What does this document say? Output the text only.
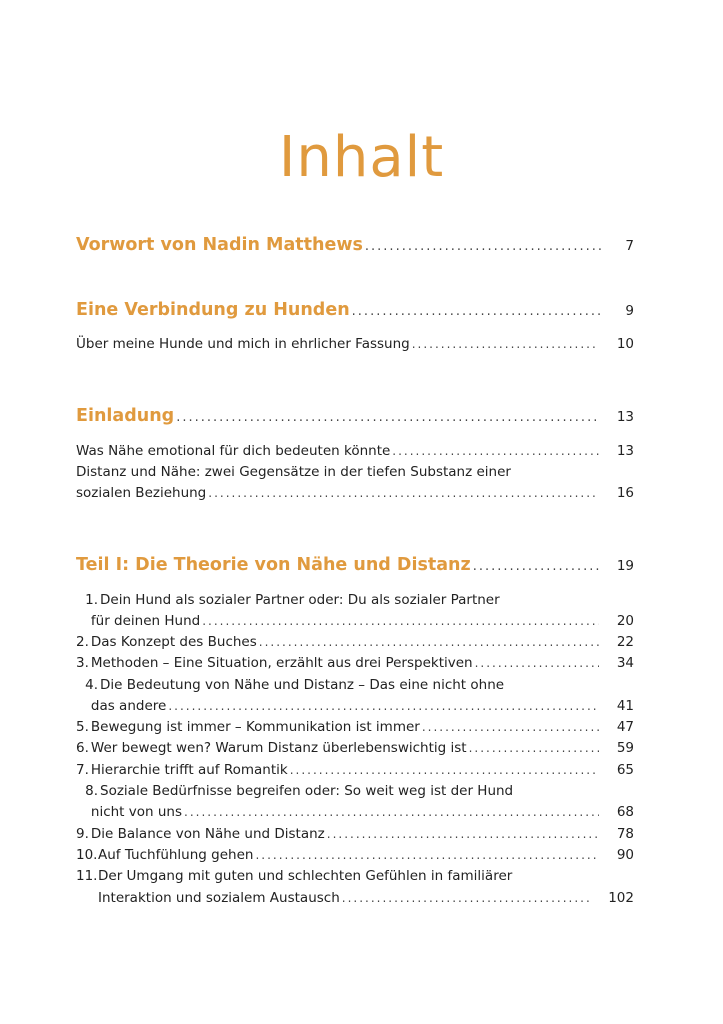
Inhalt
Vorwort von Nadin Matthews .....	7
Eine Verbindung zu Hunden .....	9
Über meine Hunde und mich in ehrlicher Fassung .....	10
Einladung .....	13
Was Nähe emotional für dich bedeuten könnte .....	13
Distanz und Nähe: zwei Gegensätze in der tiefen Substanz einer
sozialen Beziehung .....	16
Teil I: Die Theorie von Nähe und Distanz .....	19
1. Dein Hund als sozialer Partner oder: Du als sozialer Partner
für deinen Hund .....	20
2. Das Konzept des Buches .....	22
3. Methoden – Eine Situation, erzählt aus drei Perspektiven .....	34
4. Die Bedeutung von Nähe und Distanz – Das eine nicht ohne
das andere .....	41
5. Bewegung ist immer – Kommunikation ist immer .....	47
6. Wer bewegt wen? Warum Distanz überlebenswichtig ist .....	59
7. Hierarchie trifft auf Romantik .....	65
8. Soziale Bedürfnisse begreifen oder: So weit weg ist der Hund
nicht von uns .....	68
9. Die Balance von Nähe und Distanz .....	78
10. Auf Tuchfühlung gehen .....	90
11.Der Umgang mit guten und schlechten Gefühlen in familiärer
Interaktion und sozialem Austausch .....	102
